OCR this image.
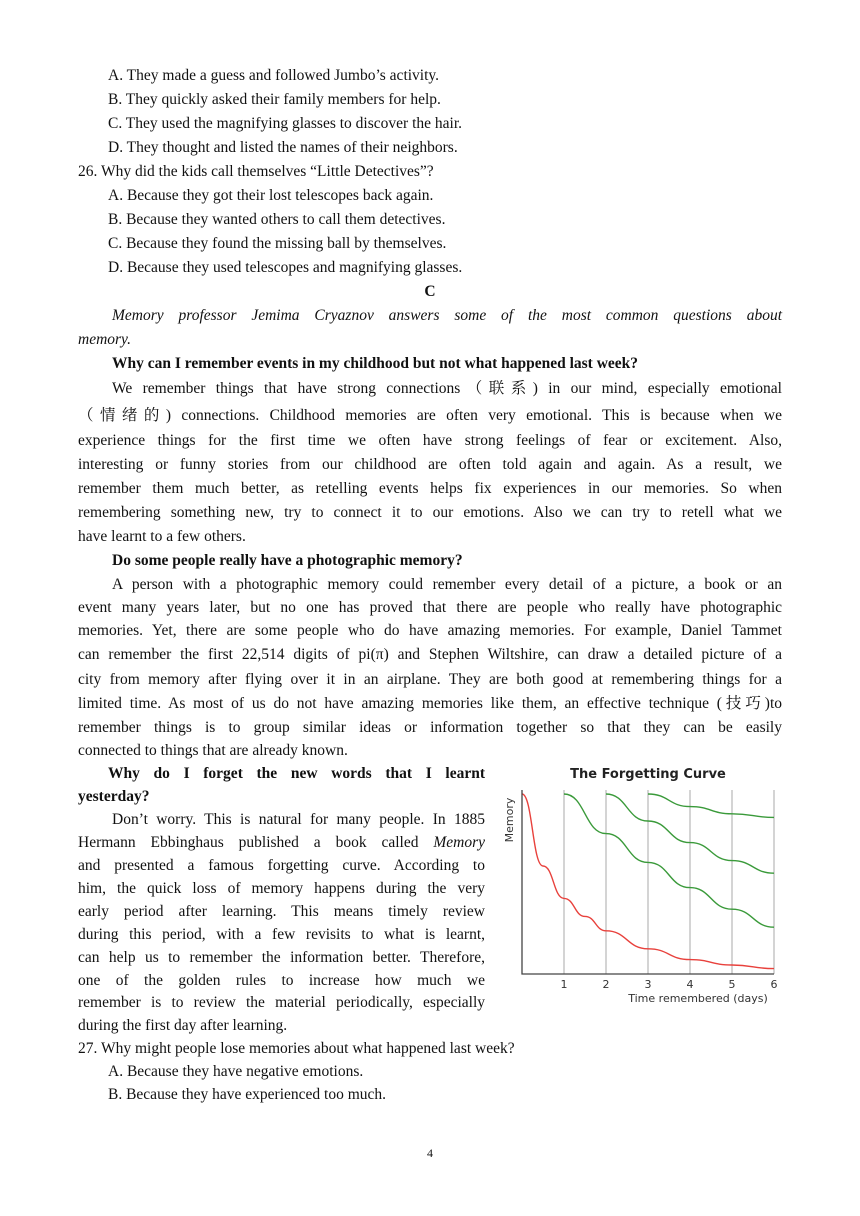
A. They made a guess and followed Jumbo’s activity.
B. They quickly asked their family members for help.
C. They used the magnifying glasses to discover the hair.
D. They thought and listed the names of their neighbors.
26. Why did the kids call themselves “Little Detectives”?
A. Because they got their lost telescopes back again.
B. Because they wanted others to call them detectives.
C. Because they found the missing ball by themselves.
D. Because they used telescopes and magnifying glasses.
C
Memory professor Jemima Cryaznov answers some of the most common questions about
memory.
Why can I remember events in my childhood but not what happened last week?
We remember things that have strong connections（联系) in our mind, especially emotional
（情绪的) connections. Childhood memories are often very emotional. This is because when we
experience things for the first time we often have strong feelings of fear or excitement. Also,
interesting or funny stories from our childhood are often told again and again. As a result, we
remember them much better, as retelling events helps fix experiences in our memories. So when
remembering something new, try to connect it to our emotions. Also we can try to retell what we
have learnt to a few others.
Do some people really have a photographic memory?
A person with a photographic memory could remember every detail of a picture, a book or an
event many years later, but no one has proved that there are people who really have photographic
memories. Yet, there are some people who do have amazing memories. For example, Daniel Tammet
can remember the first 22,514 digits of pi(π) and Stephen Wiltshire, can draw a detailed picture of a
city from memory after flying over it in an airplane. They are both good at remembering things for a
limited time. As most of us do not have amazing memories like them, an effective technique (技巧)to
remember things is to group similar ideas or information together so that they can be easily
connected to things that are already known.
Why do I forget the new words that I learnt
yesterday?
Don’t worry. This is natural for many people. In 1885
Hermann Ebbinghaus published a book called Memory
and presented a famous forgetting curve. According to
him, the quick loss of memory happens during the very
early period after learning. This means timely review
during this period, with a few revisits to what is learnt,
can help us to remember the information better. Therefore,
one of the golden rules to increase how much we
remember is to review the material periodically, especially
during the first day after learning.
The Forgetting Curve
Memory
Time remembered (days)
1	2	3	4	5	6
27. Why might people lose memories about what happened last week?
A. Because they have negative emotions.
B. Because they have experienced too much.
4
